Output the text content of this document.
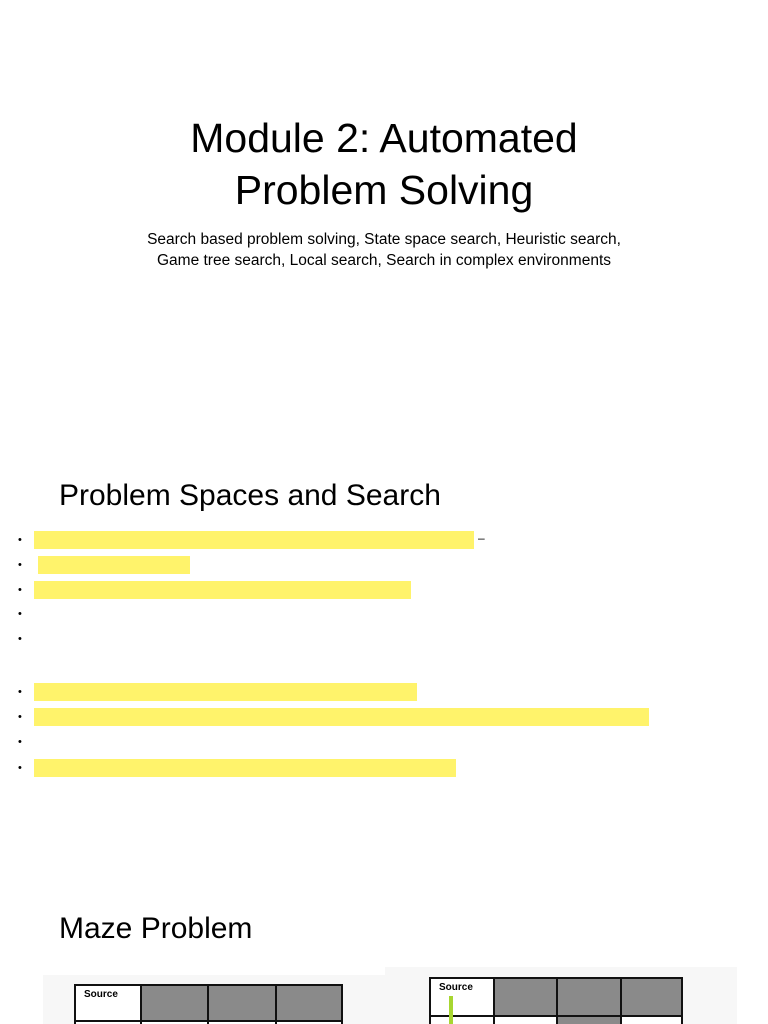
Module 2: Automated
Problem Solving
Search based problem solving, State space search, Heuristic search,
Game tree search, Local search, Search in complex environments
Problem Spaces and Search
•	–
•
•
•
•
•
•
•
•
Maze Problem
Source
Source
